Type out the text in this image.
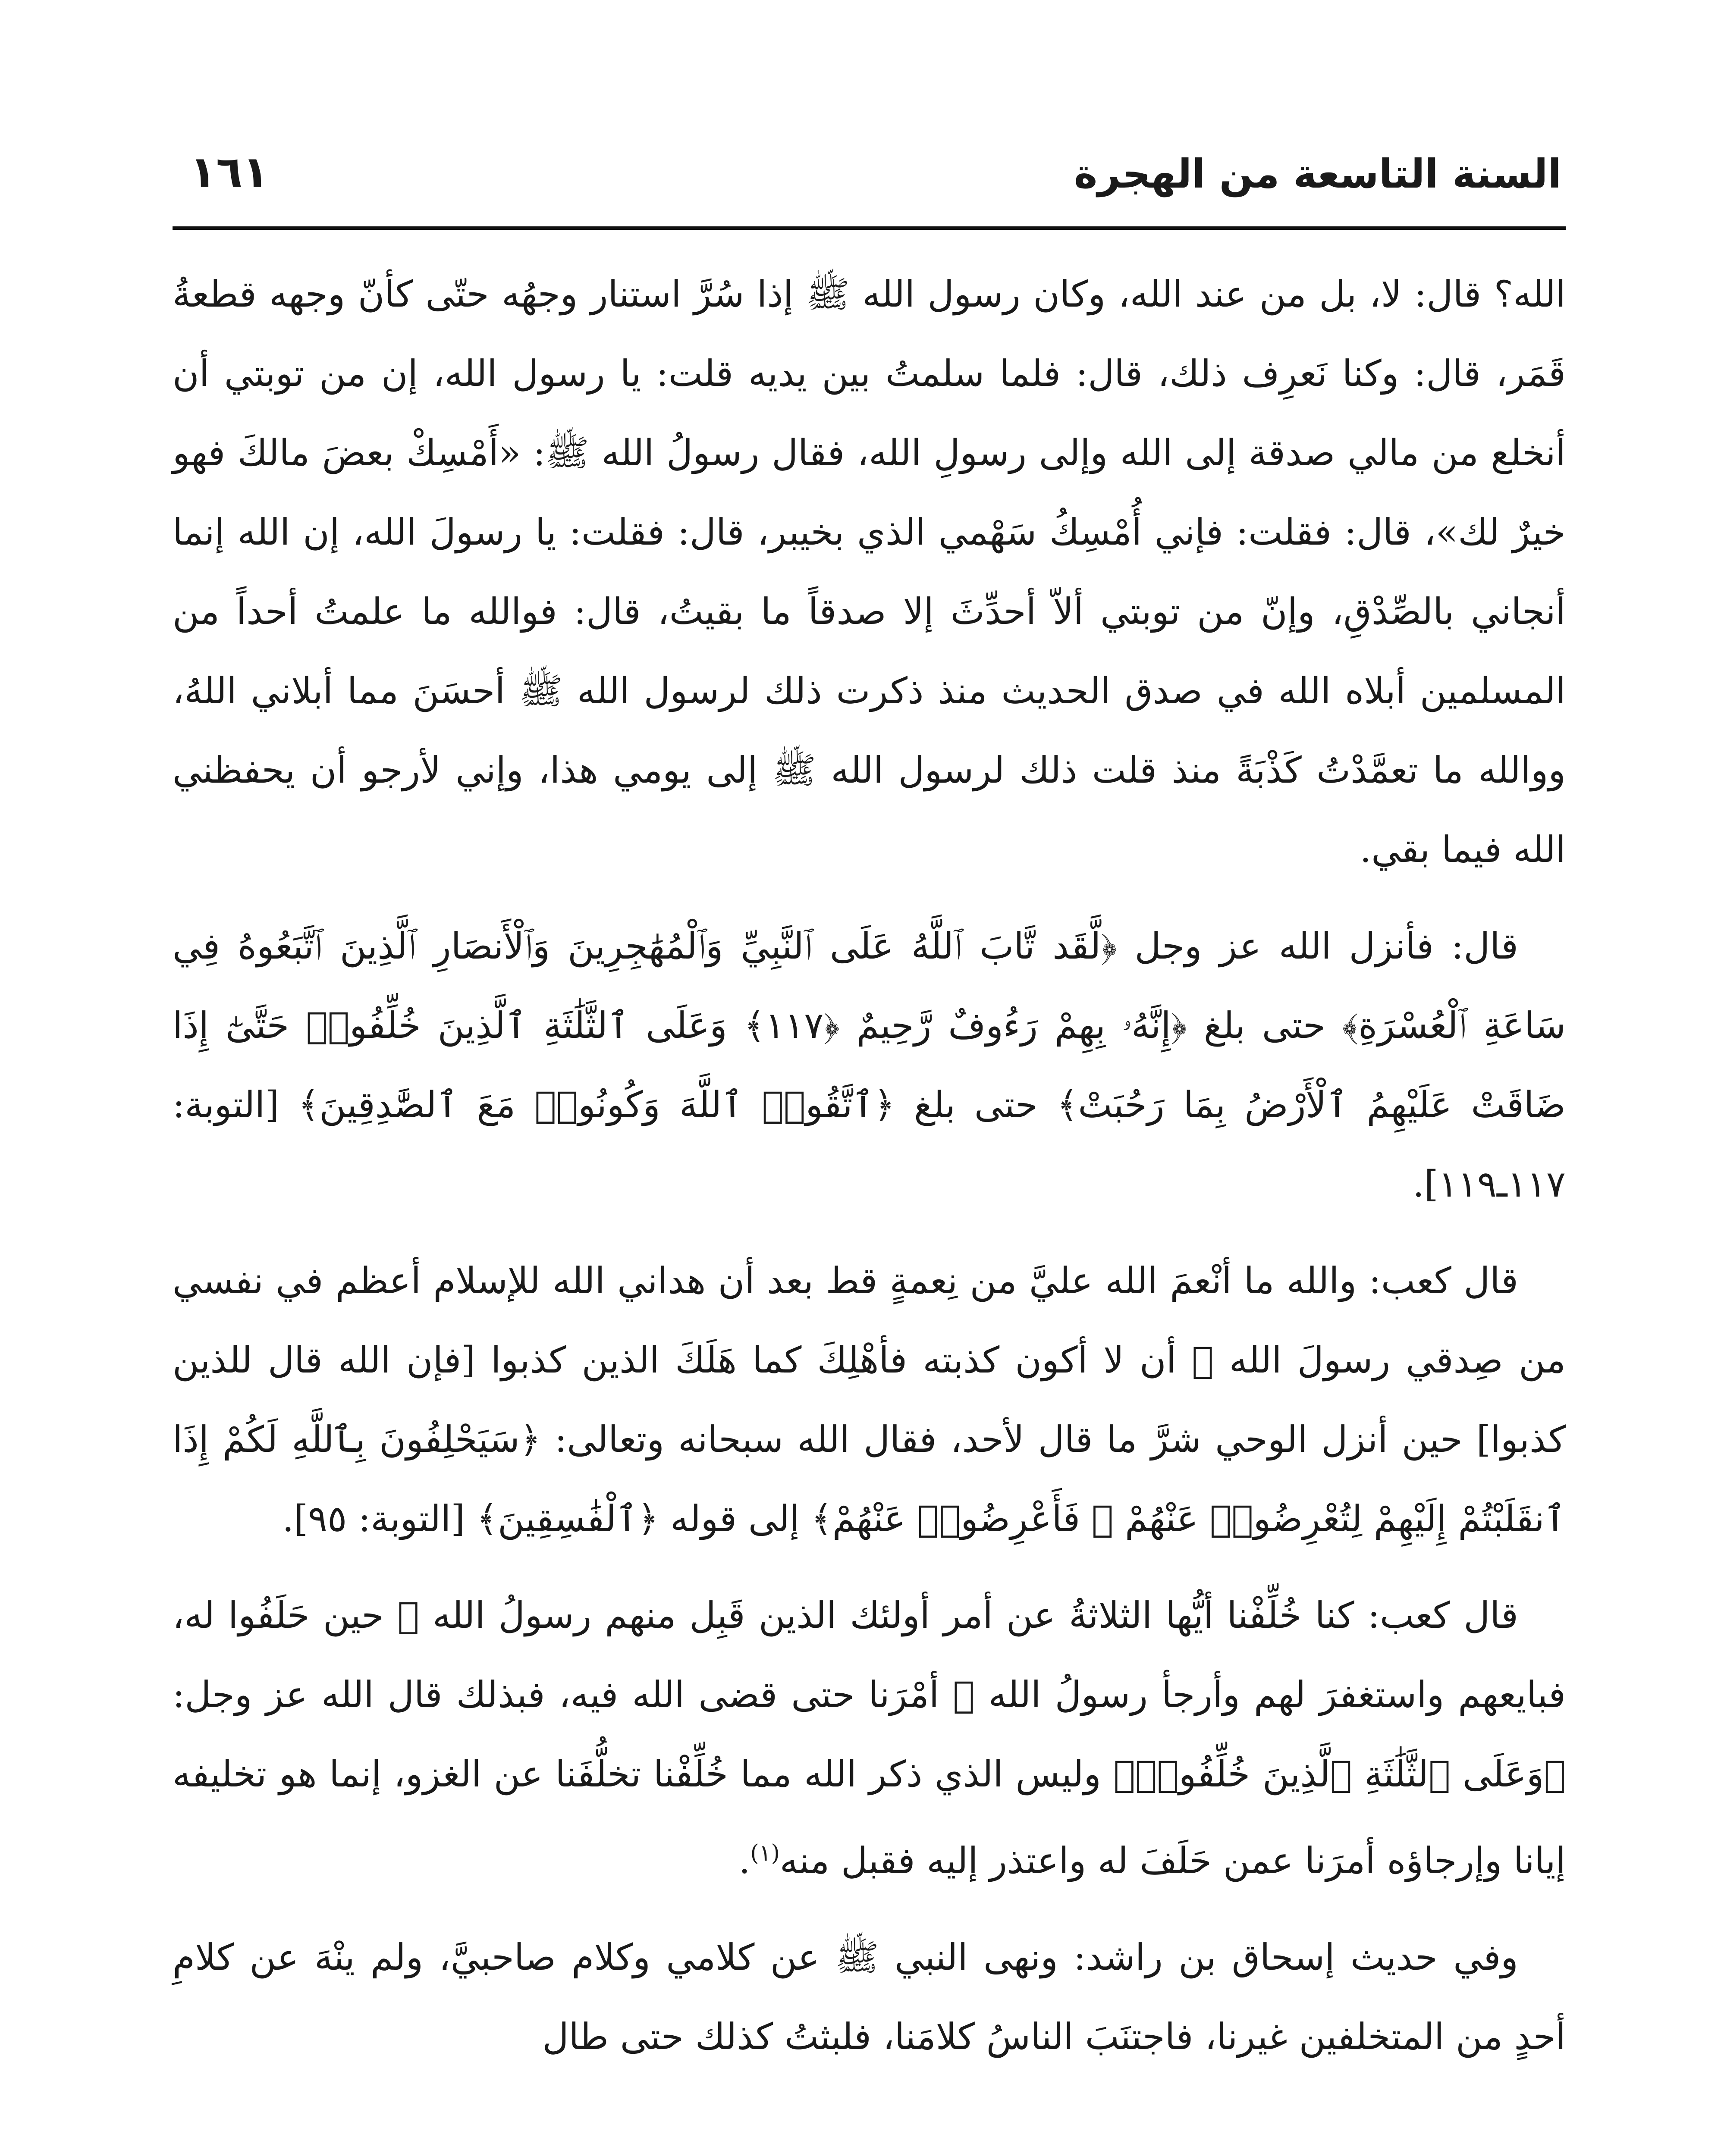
السنة التاسعة من الهجرة
١٦١

الله؟ قال: لا، بل من عند الله، وكان رسول الله ﷺ إذا سُرَّ استنار وجهُه حتّى كأنّ وجهه قطعةُ قَمَر، قال: وكنا نَعرِف ذلك، قال: فلما سلمتُ بين يديه قلت: يا رسول الله، إن من توبتي أن أنخلع من مالي صدقة إلى الله وإلى رسولِ الله، فقال رسولُ الله ﷺ: «أَمْسِكْ بعضَ مالكَ فهو خيرٌ لك»، قال: فقلت: فإني أُمْسِكُ سَهْمي الذي بخيبر، قال: فقلت: يا رسولَ الله، إن الله إنما أنجاني بالصِّدْقِ، وإنّ من توبتي ألاّ أحدِّثَ إلا صدقاً ما بقيتُ، قال: فوالله ما علمتُ أحداً من المسلمين أبلاه الله في صدق الحديث منذ ذكرت ذلك لرسول الله ﷺ أحسَنَ مما أبلاني اللهُ، ووالله ما تعمَّدْتُ كَذْبَةً منذ قلت ذلك لرسول الله ﷺ إلى يومي هذا، وإني لأرجو أن يحفظني الله فيما بقي.

قال: فأنزل الله عز وجل ﴿لَّقَد تَّابَ ٱللَّهُ عَلَى ٱلنَّبِيِّ وَٱلْمُهَٰجِرِينَ وَٱلْأَنصَارِ ٱلَّذِينَ ٱتَّبَعُوهُ فِي سَاعَةِ ٱلْعُسْرَةِ﴾ حتى بلغ ﴿إِنَّهُۥ بِهِمْ رَءُوفٌ رَّحِيمٌ ﴿١١٧﴾ وَعَلَى ٱلثَّلَٰثَةِ ٱلَّذِينَ خُلِّفُوا۟ حَتَّىٰٓ إِذَا ضَاقَتْ عَلَيْهِمُ ٱلْأَرْضُ بِمَا رَحُبَتْ﴾ حتى بلغ ﴿ٱتَّقُوا۟ ٱللَّهَ وَكُونُوا۟ مَعَ ٱلصَّٰدِقِينَ﴾ [التوبة: ١١٧ـ١١٩].

قال كعب: والله ما أنْعمَ الله عليَّ من نِعمةٍ قط بعد أن هداني الله للإسلام أعظم في نفسي من صِدقي رسولَ الله ﷺ أن لا أكون كذبته فأهْلِكَ كما هَلَكَ الذين كذبوا [فإن الله قال للذين كذبوا] حين أنزل الوحي شرَّ ما قال لأحد، فقال الله سبحانه وتعالى: ﴿سَيَحْلِفُونَ بِٱللَّهِ لَكُمْ إِذَا ٱنقَلَبْتُمْ إِلَيْهِمْ لِتُعْرِضُوا۟ عَنْهُمْ ۖ فَأَعْرِضُوا۟ عَنْهُمْ﴾ إلى قوله ﴿ٱلْفَٰسِقِينَ﴾ [التوبة: ٩٥].

قال كعب: كنا خُلِّفْنا أيُّها الثلاثةُ عن أمر أولئك الذين قَبِل منهم رسولُ الله ﷺ حين حَلَفُوا له، فبايعهم واستغفرَ لهم وأرجأ رسولُ الله ﷺ أمْرَنا حتى قضى الله فيه، فبذلك قال الله عز وجل: ﴿وَعَلَى ٱلثَّلَٰثَةِ ٱلَّذِينَ خُلِّفُوا۟﴾ وليس الذي ذكر الله مما خُلِّفْنا تخلُّفَنا عن الغزو، إنما هو تخليفه إيانا وإرجاؤه أمرَنا عمن حَلَفَ له واعتذر إليه فقبل منه$^{(١)}$.

وفي حديث إسحاق بن راشد: ونهى النبي ﷺ عن كلامي وكلام صاحبيَّ، ولم ينْهَ عن كلامِ أحدٍ من المتخلفين غيرنا، فاجتنَبَ الناسُ كلامَنا، فلبثتُ كذلك حتى طال
